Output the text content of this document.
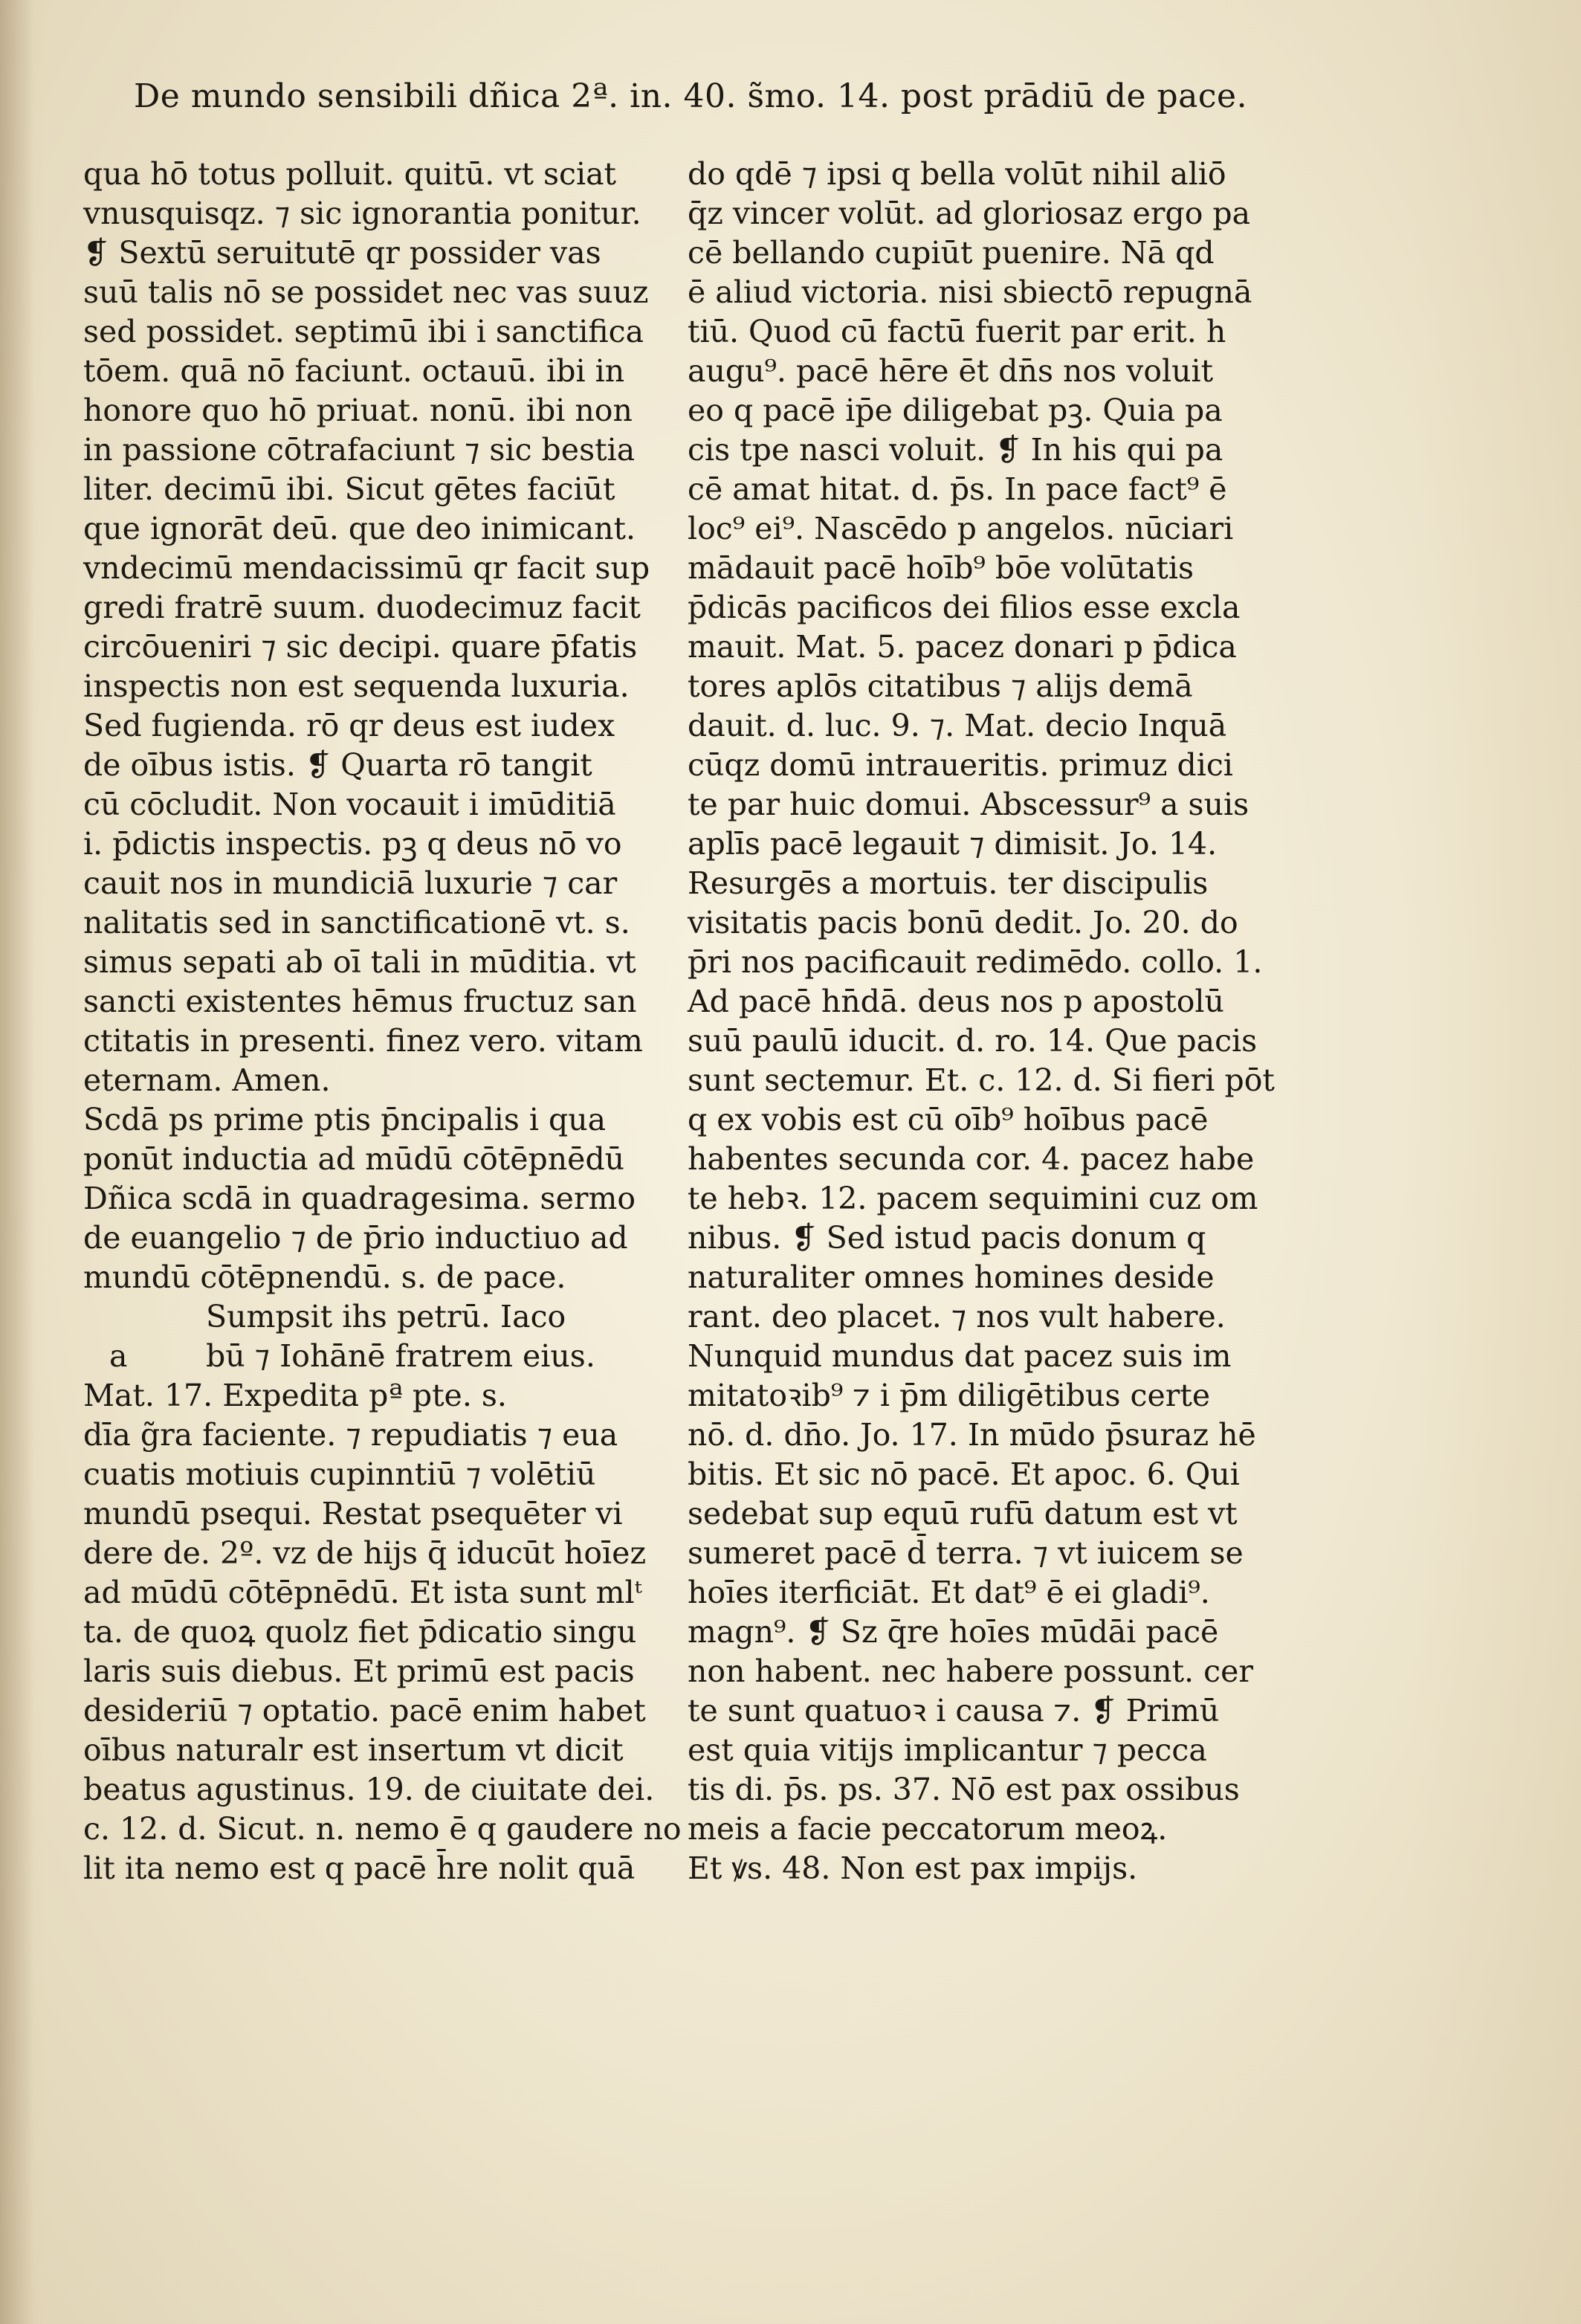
De mundo sensibili dñica 2ª. in. 40. s̃mo. 14. post prādiū de pace.
qua hō totus polluit. quitū. vt sciat
vnusquisqz. ⁊ sic ignorantia ponitur.
❡ Sextū seruitutē qr possider vas
suū talis nō se possidet nec vas suuz
sed possidet. septimū ibi i sanctifica
tōem. quā nō faciunt. octauū. ibi in
honore quo hō priuat. nonū. ibi non
in passione cōtrafaciunt ⁊ sic bestia
liter. decimū ibi. Sicut gētes faciūt
que ignorāt deū. que deo inimicant.
vndecimū mendacissimū qr facit sup
gredi fratrē suum. duodecimuz facit
circōueniri ⁊ sic decipi. quare p̄fatis
inspectis non est sequenda luxuria.
Sed fugienda. rō qr deus est iudex
de oībus istis. ❡ Quarta rō tangit
cū cōcludit. Non vocauit i imūditiā
i. p̄dictis inspectis. pꝫ q deus nō vo
cauit nos in mundiciā luxurie ⁊ car
nalitatis sed in sanctificationē vt. s.
simus sepati ab oī tali in mūditia. vt
sancti existentes hēmus fructuz san
ctitatis in presenti. finez vero. vitam
eternam. Amen.
Scdā ps prime ptis p̄ncipalis i qua
ponūt inductia ad mūdū cōtēpnēdū
Dñica scdā in quadragesima. sermo
de euangelio ⁊ de p̄rio inductiuo ad
mundū cōtēpnendū. s. de pace.
Sumpsit ihs petrū. Iaco
a	bū ⁊ Iohānē fratrem eius.
Mat. 17. Expedita pª pte. s.
dīa g̃ra faciente. ⁊ repudiatis ⁊ eua
cuatis motiuis cupinntiū ⁊ volētiū
mundū psequi. Restat psequēter vi
dere de. 2º. vz de hijs q̄ iducūt hoīez
ad mūdū cōtēpnēdū. Et ista sunt mlᵗ
ta. de quoꝝ quolz fiet p̄dicatio singu
laris suis diebus. Et primū est pacis
desideriū ⁊ optatio. pacē enim habet
oībus naturalr est insertum vt dicit
beatus agustinus. 19. de ciuitate dei.
c. 12. d. Sicut. n. nemo ē q gaudere no
lit ita nemo est q pacē h̄re nolit quā
do qdē ⁊ ipsi q bella volūt nihil aliō
q̄z vincer volūt. ad gloriosaz ergo pa
cē bellando cupiūt puenire. Nā qd
ē aliud victoria. nisi sbiectō repugnā
tiū. Quod cū factū fuerit par erit. h
augu⁹. pacē hēre ēt dn̄s nos voluit
eo q pacē ip̄e diligebat pꝫ. Quia pa
cis tpe nasci voluit. ❡ In his qui pa
cē amat hitat. d. p̄s. In pace fact⁹ ē
loc⁹ ei⁹. Nascēdo p angelos. nūciari
mādauit pacē hoīb⁹ bōe volūtatis
p̄dicās pacificos dei filios esse excla
mauit. Mat. 5. pacez donari p p̄dica
tores aplōs citatibus ⁊ alijs demā
dauit. d. luc. 9. ⁊. Mat. decio Inquā
cūqz domū intraueritis. primuz dici
te par huic domui. Abscessur⁹ a suis
aplīs pacē legauit ⁊ dimisit. Jo. 14.
Resurgēs a mortuis. ter discipulis
visitatis pacis bonū dedit. Jo. 20. do
p̄ri nos pacificauit redimēdo. collo. 1.
Ad pacē hn̄dā. deus nos p apostolū
suū paulū iducit. d. ro. 14. Que pacis
sunt sectemur. Et. c. 12. d. Si fieri pōt
q ex vobis est cū oīb⁹ hoībus pacē
habentes secunda cor. 4. pacez habe
te hebꝛ. 12. pacem sequimini cuz om
nibus. ❡ Sed istud pacis donum q
naturaliter omnes homines deside
rant. deo placet. ⁊ nos vult habere.
Nunquid mundus dat pacez suis im
mitatoꝛib⁹ ⁊ i p̄m diligētibus certe
nō. d. dn̄o. Jo. 17. In mūdo p̄suraz hē
bitis. Et sic nō pacē. Et apoc. 6. Qui
sedebat sup equū rufū datum est vt
sumeret pacē d̄ terra. ⁊ vt iuicem se
hoīes iterficiāt. Et dat⁹ ē ei gladi⁹.
magn⁹. ❡ Sz q̄re hoīes mūdāi pacē
non habent. nec habere possunt. cer
te sunt quatuoꝛ i causa ⁊. ❡ Primū
est quia vitijs implicantur ⁊ pecca
tis di. p̄s. ps. 37. Nō est pax ossibus
meis a facie peccatorum meoꝝ.
Et ꝟs. 48. Non est pax impijs.
